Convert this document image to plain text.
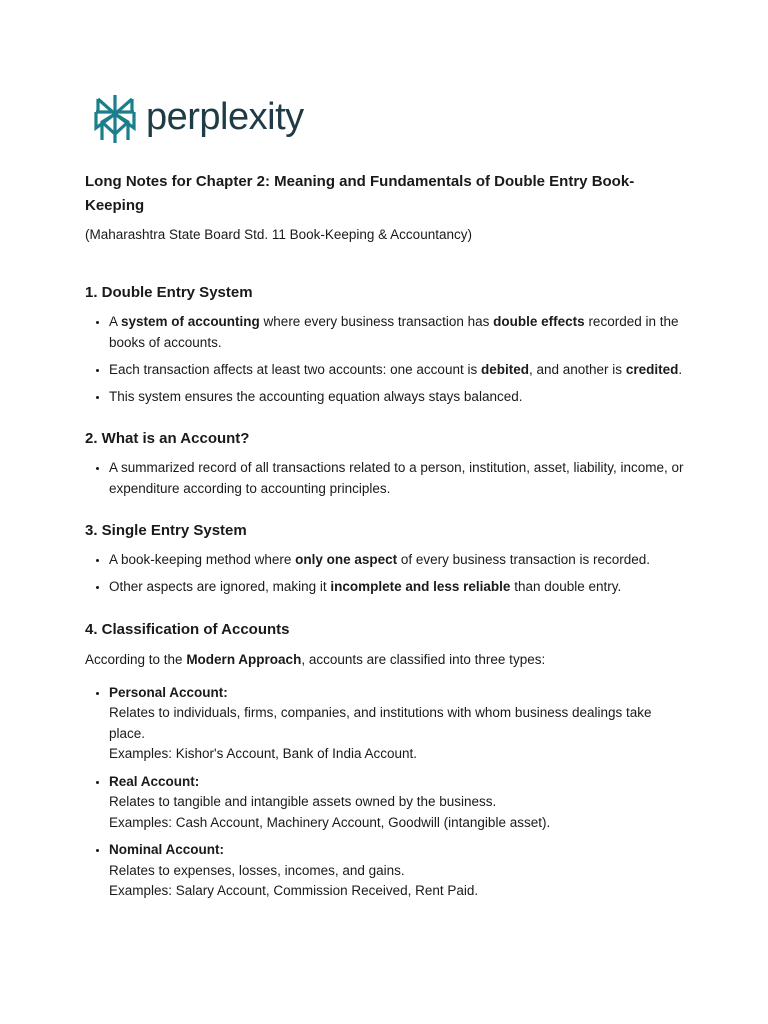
perplexity

Long Notes for Chapter 2: Meaning and Fundamentals of Double Entry Book-Keeping

(Maharashtra State Board Std. 11 Book-Keeping & Accountancy)

1. Double Entry System
• A system of accounting where every business transaction has double effects recorded in the books of accounts.
• Each transaction affects at least two accounts: one account is debited, and another is credited.
• This system ensures the accounting equation always stays balanced.
2. What is an Account?
• A summarized record of all transactions related to a person, institution, asset, liability, income, or expenditure according to accounting principles.
3. Single Entry System
• A book-keeping method where only one aspect of every business transaction is recorded.
• Other aspects are ignored, making it incomplete and less reliable than double entry.
4. Classification of Accounts

According to the Modern Approach, accounts are classified into three types:

• Personal Account:
Relates to individuals, firms, companies, and institutions with whom business dealings take place.
Examples: Kishor's Account, Bank of India Account.
• Real Account:
Relates to tangible and intangible assets owned by the business.
Examples: Cash Account, Machinery Account, Goodwill (intangible asset).
• Nominal Account:
Relates to expenses, losses, incomes, and gains.
Examples: Salary Account, Commission Received, Rent Paid.
